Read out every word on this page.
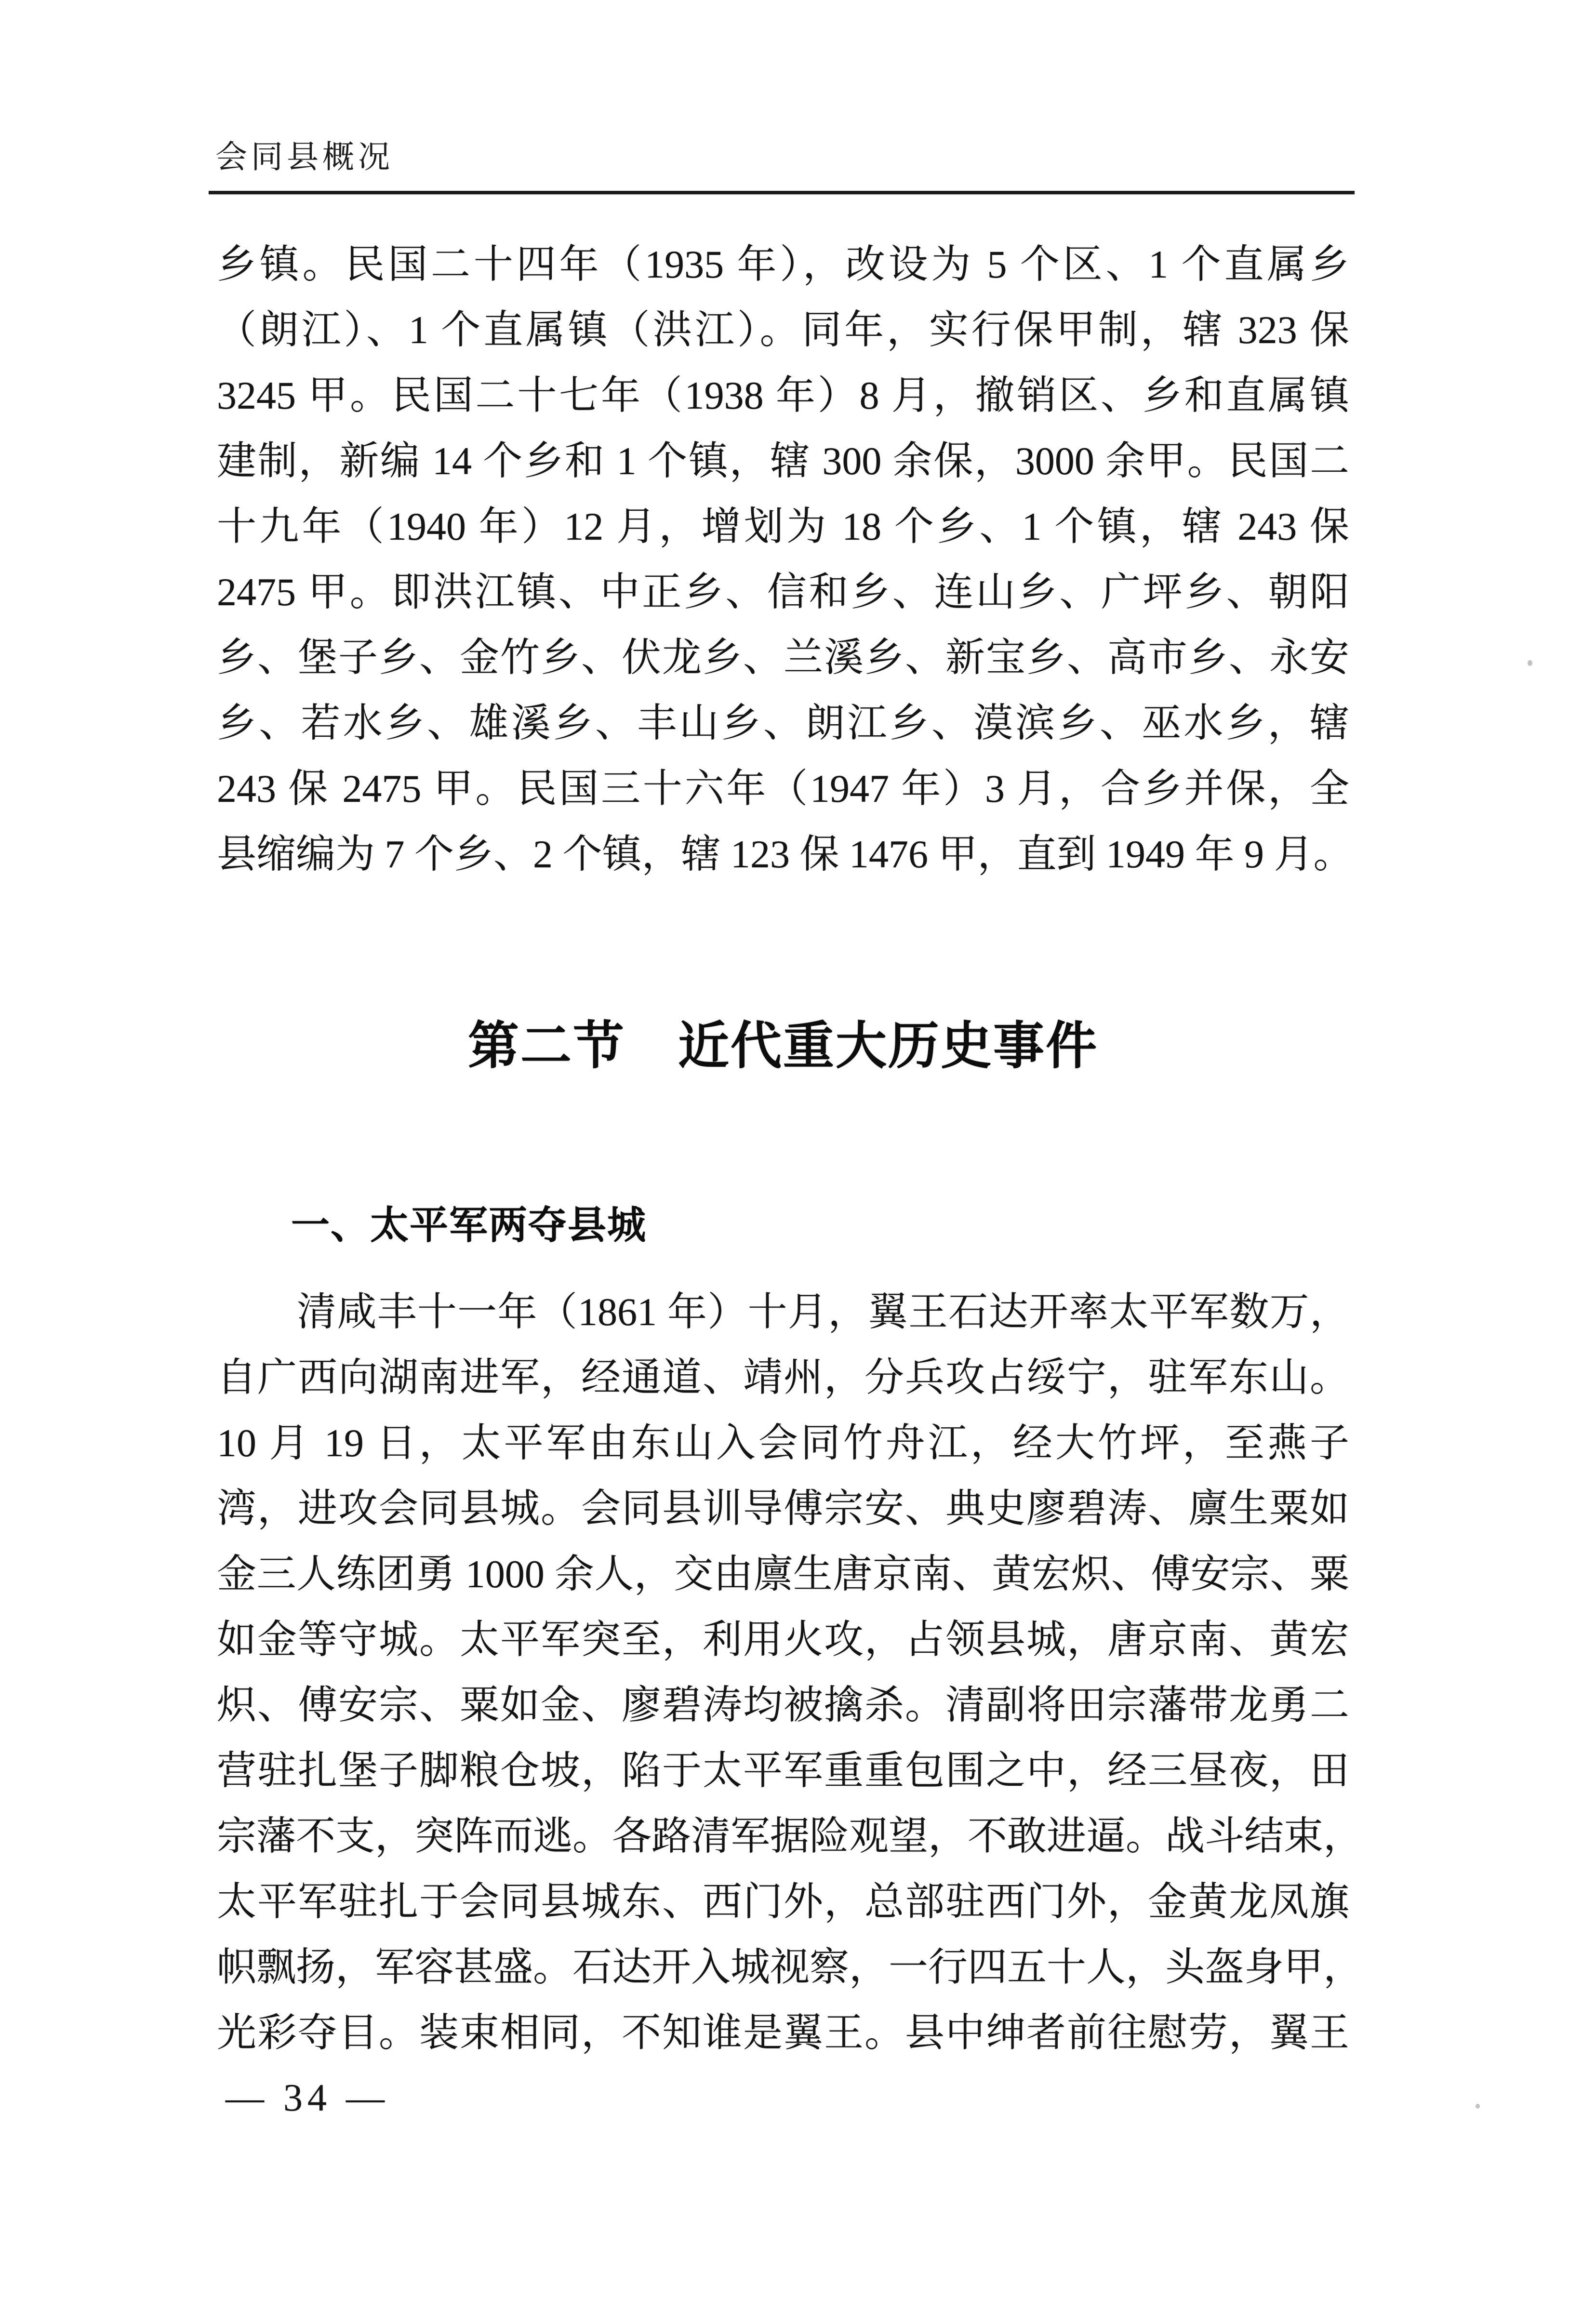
会同县概况
乡镇。民国二十四年（1935 年），改设为 5 个区、1 个直属乡
（朗江）、1 个直属镇（洪江）。同年，实行保甲制，辖 323 保
3245 甲。民国二十七年（1938 年）8 月，撤销区、乡和直属镇
建制，新编 14 个乡和 1 个镇，辖 300 余保，3000 余甲。民国二
十九年（1940 年）12 月，增划为 18 个乡、1 个镇，辖 243 保
2475 甲。即洪江镇、中正乡、信和乡、连山乡、广坪乡、朝阳
乡、堡子乡、金竹乡、伏龙乡、兰溪乡、新宝乡、高市乡、永安
乡、若水乡、雄溪乡、丰山乡、朗江乡、漠滨乡、巫水乡，辖
243 保 2475 甲。民国三十六年（1947 年）3 月，合乡并保，全
县缩编为 7 个乡、2 个镇，辖 123 保 1476 甲，直到 1949 年 9 月。
第二节　近代重大历史事件
一、太平军两夺县城
清咸丰十一年（1861 年）十月，翼王石达开率太平军数万，
自广西向湖南进军，经通道、靖州，分兵攻占绥宁，驻军东山。
10 月 19 日，太平军由东山入会同竹舟江，经大竹坪，至燕子
湾，进攻会同县城。会同县训导傅宗安、典史廖碧涛、廪生粟如
金三人练团勇 1000 余人，交由廪生唐京南、黄宏炽、傅安宗、粟
如金等守城。太平军突至，利用火攻，占领县城，唐京南、黄宏
炽、傅安宗、粟如金、廖碧涛均被擒杀。清副将田宗藩带龙勇二
营驻扎堡子脚粮仓坡，陷于太平军重重包围之中，经三昼夜，田
宗藩不支，突阵而逃。各路清军据险观望，不敢进逼。战斗结束，
太平军驻扎于会同县城东、西门外，总部驻西门外，金黄龙凤旗
帜飘扬，军容甚盛。石达开入城视察，一行四五十人，头盔身甲，
光彩夺目。装束相同，不知谁是翼王。县中绅者前往慰劳，翼王
— 34 —
